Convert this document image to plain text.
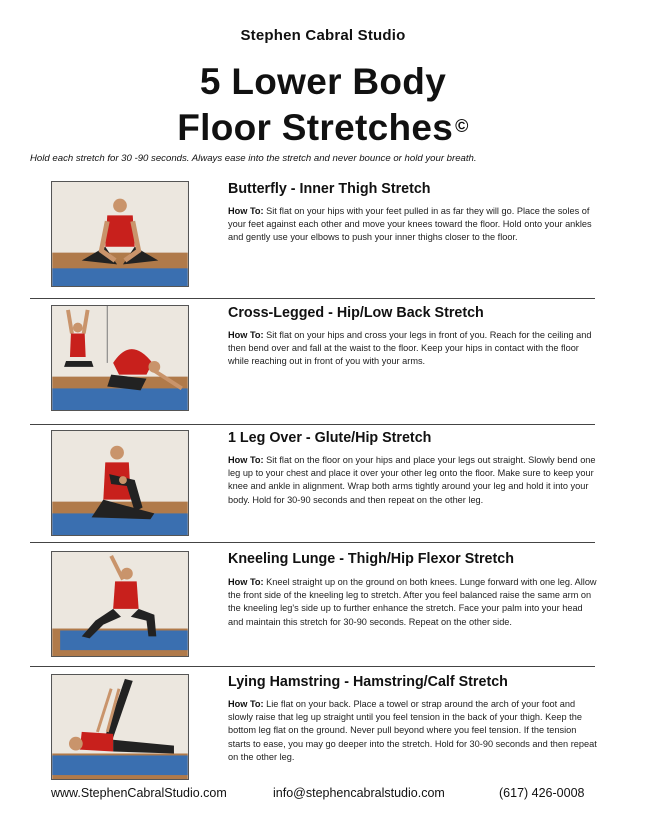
Stephen Cabral Studio
5 Lower Body
Floor Stretches ©
Hold each stretch for 30 -90 seconds. Always ease into the stretch and never bounce or hold your breath.
Butterfly - Inner Thigh Stretch
How To: Sit flat on your hips with your feet pulled in as far they will go. Place the soles of your feet against each other and move your knees toward the floor. Hold onto your ankles and gently use your elbows to push your inner thighs closer to the floor.
Cross-Legged - Hip/Low Back Stretch
How To: Sit flat on your hips and cross your legs in front of you. Reach for the ceiling and then bend over and fall at the waist to the floor. Keep your hips in contact with the floor while reaching out in front of you with your arms.
1 Leg Over - Glute/Hip Stretch
How To: Sit flat on the floor on your hips and place your legs out straight. Slowly bend one leg up to your chest and place it over your other leg onto the floor. Make sure to keep your knee and ankle in alignment. Wrap both arms tightly around your leg and hold it into your body. Hold for 30-90 seconds and then repeat on the other leg.
Kneeling Lunge - Thigh/Hip Flexor Stretch
How To: Kneel straight up on the ground on both knees. Lunge forward with one leg. Allow the front side of the kneeling leg to stretch. After you feel balanced raise the same arm on the kneeling leg's side up to further enhance the stretch. Face your palm into your head and maintain this stretch for 30-90 seconds. Repeat on the other side.
Lying Hamstring - Hamstring/Calf Stretch
How To: Lie flat on your back. Place a towel or strap around the arch of your foot and slowly raise that leg up straight until you feel tension in the back of your thigh. Keep the bottom leg flat on the ground. Never pull beyond where you feel tension. If the tension starts to ease, you may go deeper into the stretch. Hold for 30-90 seconds and then repeat on the other leg.
www.StephenCabralStudio.com	info@stephencabralstudio.com	(617) 426-0008
